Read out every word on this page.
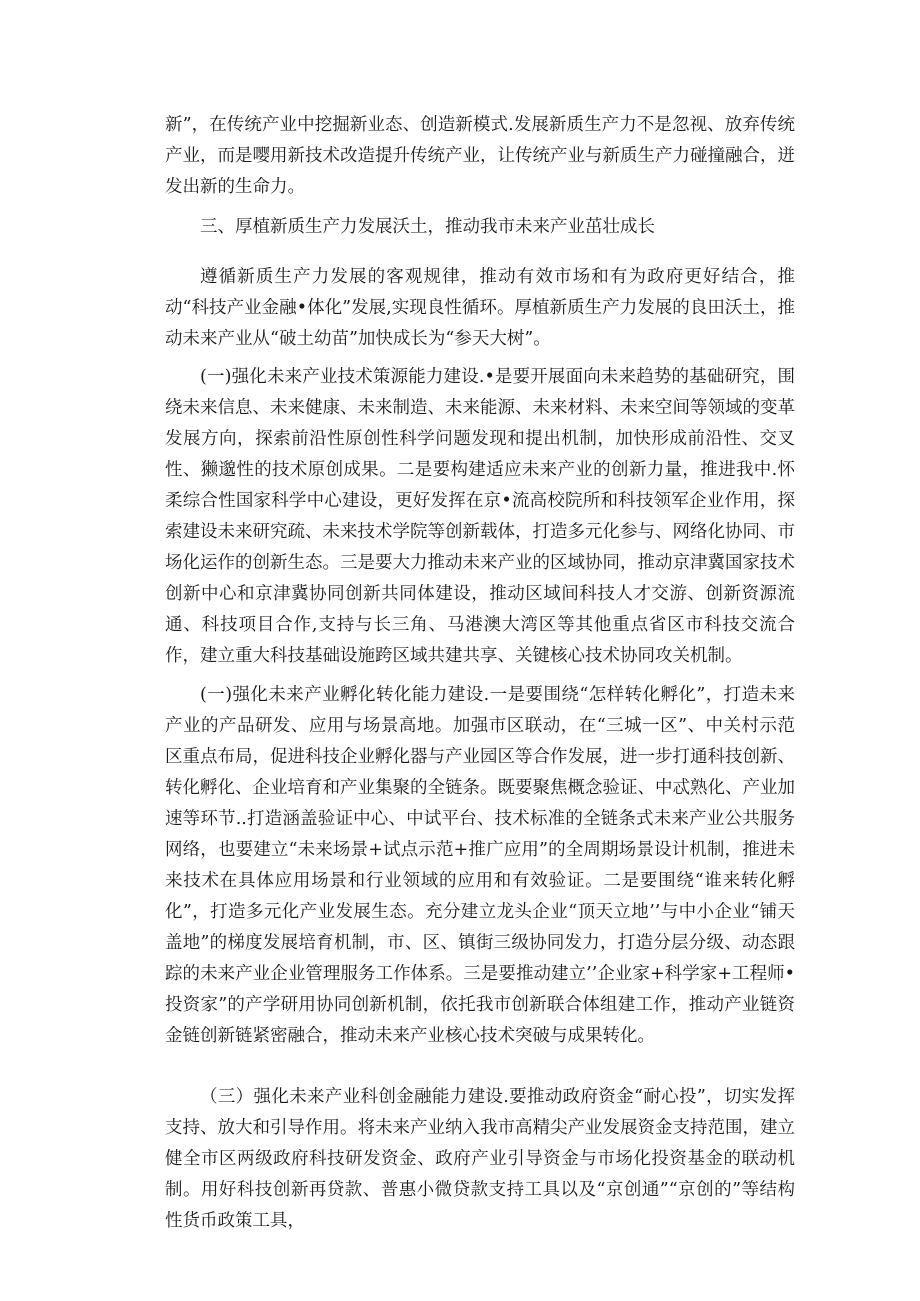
新”，在传统产业中挖掘新业态、创造新模式.发展新质生产力不是忽视、放弃传统产业，而是嘤用新技术改造提升传统产业，让传统产业与新质生产力碰撞融合，迸发出新的生命力。

三、厚植新质生产力发展沃土，推动我市未来产业茁壮成长

遵循新质生产力发展的客观规律，推动有效市场和有为政府更好结合，推动“科技产业金融•体化”发展,实现良性循环。厚植新质生产力发展的良田沃土，推动未来产业从“破土幼苗”加快成长为“参天大树”。

(一)强化未来产业技术策源能力建设.•是要开展面向未来趋势的基础研究，围绕未来信息、未来健康、未来制造、未来能源、未来材料、未来空间等领域的变革发展方向，探索前沿性原创性科学问题发现和提出机制，加快形成前沿性、交叉性、獭邈性的技术原创成果。二是要构建适应未来产业的创新力量，推进我中.怀柔综合性国家科学中心建设，更好发挥在京•流高校院所和科技领军企业作用，探索建设未来研究疏、未来技术学院等创新载体，打造多元化参与、网络化协同、市场化运作的创新生态。三是要大力推动未来产业的区域协同，推动京津冀国家技术创新中心和京津冀协同创新共同体建设，推动区域间科技人才交游、创新资源流通、科技项目合作,支持与长三角、马港澳大湾区等其他重点省区市科技交流合作，建立重大科技基础设施跨区域共建共享、关键核心技术协同攻关机制。

(一)强化未来产业孵化转化能力建设.一是要围绕“怎样转化孵化”，打造未来产业的产品研发、应用与场景高地。加强市区联动，在“三城一区”、中关村示范区重点布局，促进科技企业孵化器与产业园区等合作发展，进一步打通科技创新、转化孵化、企业培育和产业集聚的全链条。既要聚焦概念验证、中忒熟化、产业加速等环节..打造涵盖验证中心、中试平台、技术标准的全链条式未来产业公共服务网络，也要建立“未来场景+试点示范+推广应用”的全周期场景设计机制，推进未来技术在具体应用场景和行业领域的应用和有效验证。二是要围绕“谁来转化孵化”，打造多元化产业发展生态。充分建立龙头企业“顶天立地’’与中小企业“铺天盖地”的梯度发展培育机制，市、区、镇街三级协同发力，打造分层分级、动态跟踪的未来产业企业管理服务工作体系。三是要推动建立’’企业家+科学家+工程师•投资家”的产学研用协同创新机制，依托我市创新联合体组建工作，推动产业链资金链创新链紧密融合，推动未来产业核心技术突破与成果转化。

（三）强化未来产业科创金融能力建设.要推动政府资金“耐心投”，切实发挥支持、放大和引导作用。将未来产业纳入我市高精尖产业发展资金支持范围，建立健全市区两级政府科技研发资金、政府产业引导资金与市场化投资基金的联动机制。用好科技创新再贷款、普惠小微贷款支持工具以及“京创通”“京创的”等结构性货币政策工具，
